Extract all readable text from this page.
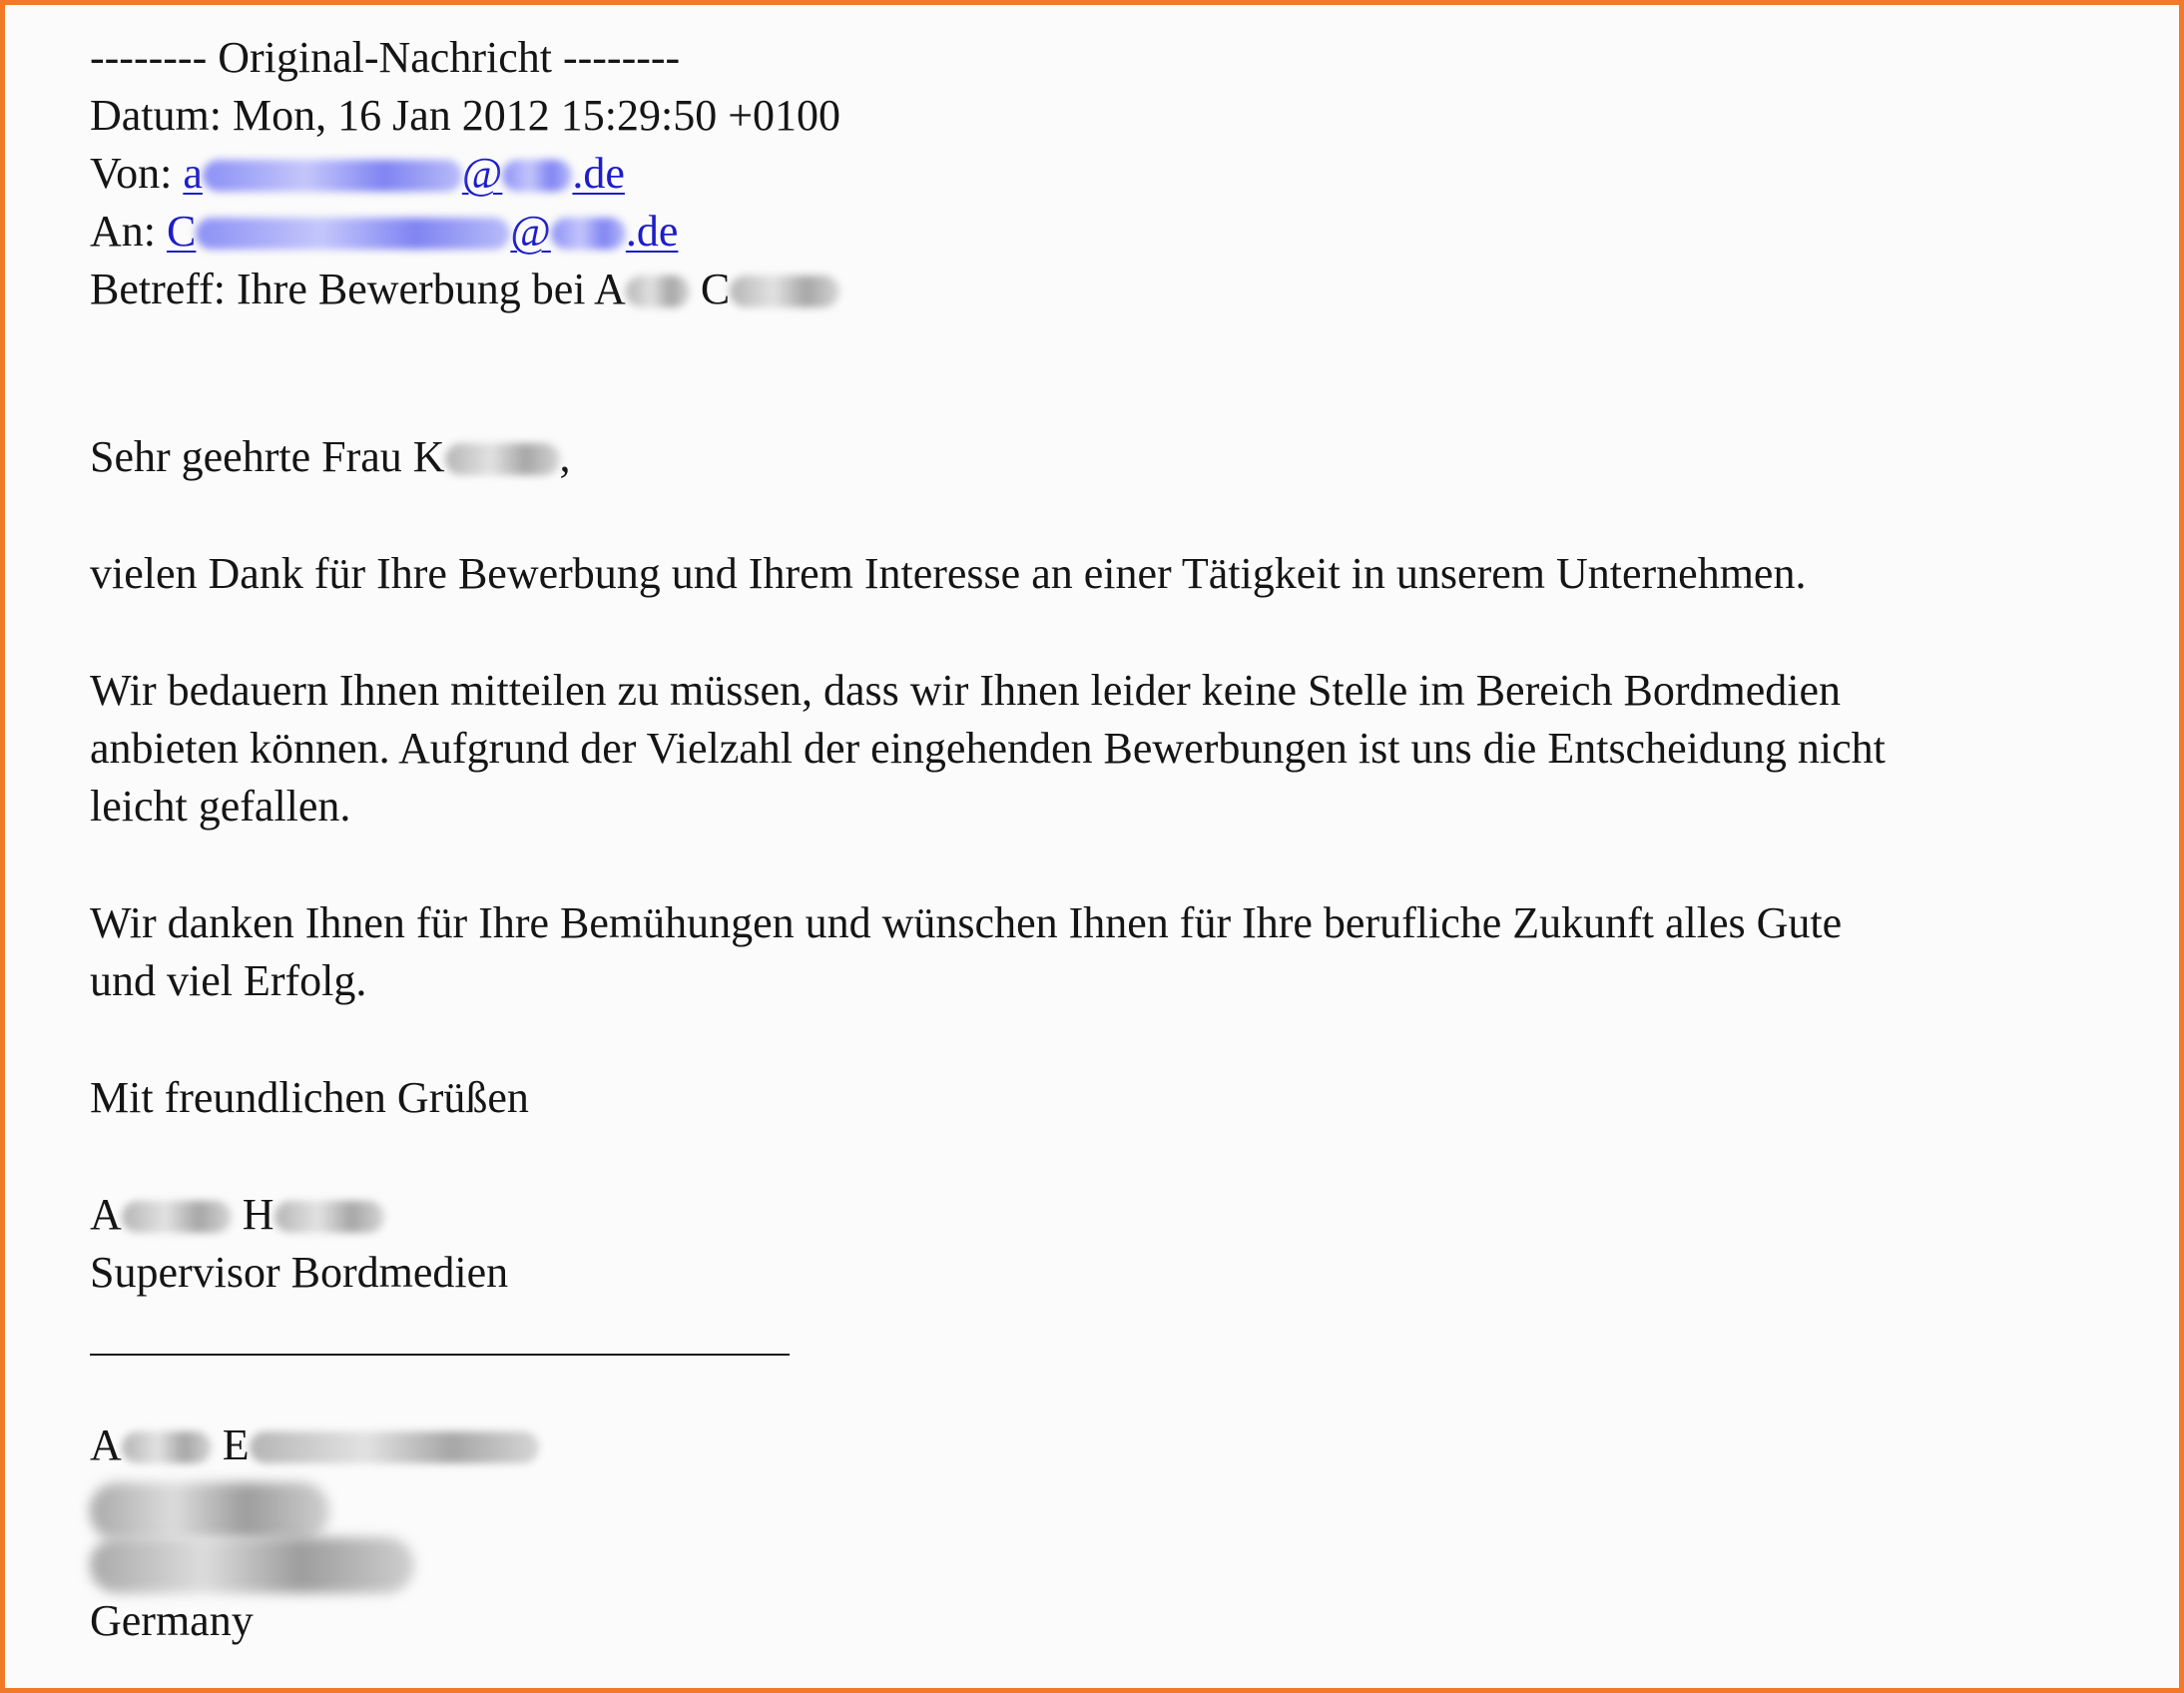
-------- Original-Nachricht --------
Datum: Mon, 16 Jan 2012 15:29:50 +0100
Von: a	@ .de
An: C	@ .de
Betreff: Ihre Bewerbung bei A C
Sehr geehrte Frau K	,
vielen Dank für Ihre Bewerbung und Ihrem Interesse an einer Tätigkeit in unserem Unternehmen.
Wir bedauern Ihnen mitteilen zu müssen, dass wir Ihnen leider keine Stelle im Bereich Bordmedien
anbieten können. Aufgrund der Vielzahl der eingehenden Bewerbungen ist uns die Entscheidung nicht
leicht gefallen.
Wir danken Ihnen für Ihre Bemühungen und wünschen Ihnen für Ihre berufliche Zukunft alles Gute
und viel Erfolg.
Mit freundlichen Grüßen
A	H
Supervisor Bordmedien
A E
Germany
